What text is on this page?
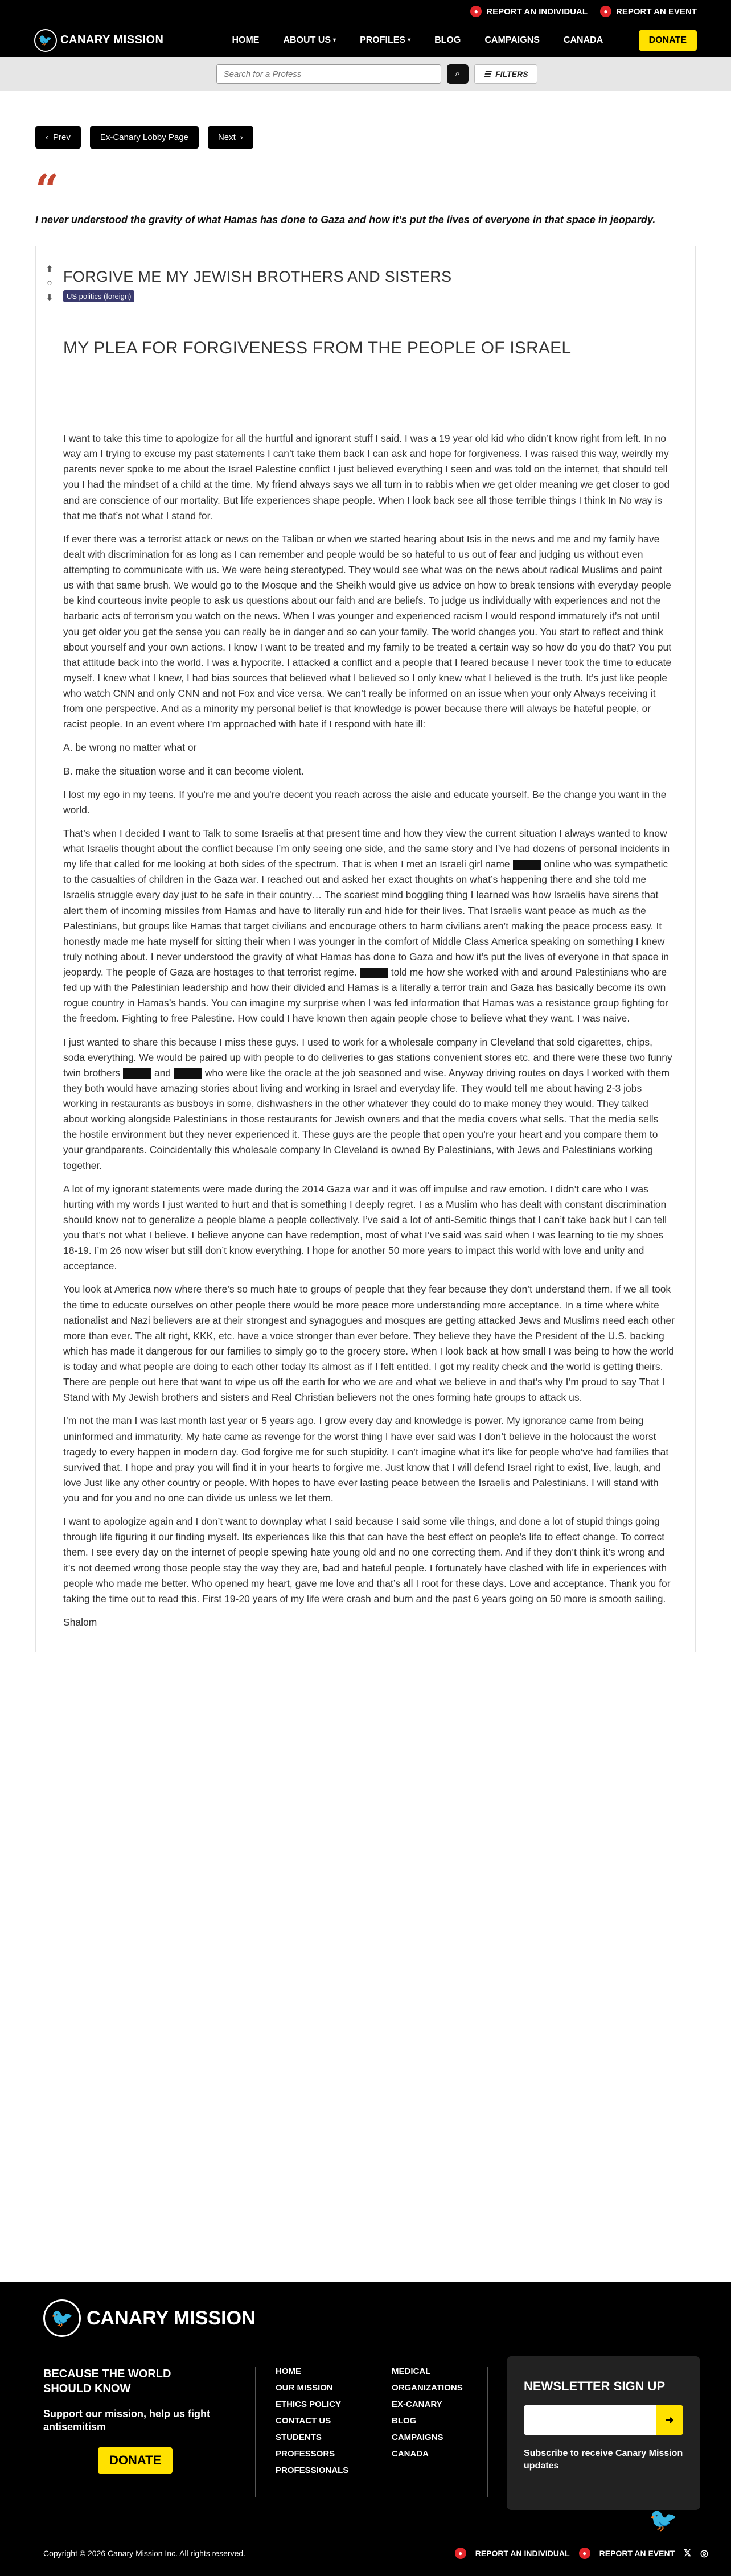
● REPORT AN INDIVIDUAL	● REPORT AN EVENT
🐦 CANARY MISSION	HOME	ABOUT US ▾	PROFILES ▾	BLOG	CAMPAIGNS	CANADA	DONATE
Search for a Profess
⌕	☰ FILTERS
‹ Prev	Ex-Canary Lobby Page	Next ›
“
I never understood the gravity of what Hamas has done to Gaza and how it’s put the lives of everyone in that space in jeopardy.
⬆
○
⬇
FORGIVE ME MY JEWISH BROTHERS AND SISTERS
US politics (foreign)
MY PLEA FOR FORGIVENESS FROM THE PEOPLE OF ISRAEL

I want to take this time to apologize for all the hurtful and ignorant stuff I said. I was a 19 year old kid who didn’t know right from left. In no way am I trying to excuse my past statements I can’t take them back I can ask and hope for forgiveness. I was raised this way, weirdly my parents never spoke to me about the Israel Palestine conflict I just believed everything I seen and was told on the internet, that should tell you I had the mindset of a child at the time. My friend always says we all turn in to rabbis when we get older meaning we get closer to god and are conscience of our mortality. But life experiences shape people. When I look back see all those terrible things I think In No way is that me that’s not what I stand for.

If ever there was a terrorist attack or news on the Taliban or when we started hearing about Isis in the news and me and my family have dealt with discrimination for as long as I can remember and people would be so hateful to us out of fear and judging us without even attempting to communicate with us. We were being stereotyped. They would see what was on the news about radical Muslims and paint us with that same brush. We would go to the Mosque and the Sheikh would give us advice on how to break tensions with everyday people be kind courteous invite people to ask us questions about our faith and are beliefs. To judge us individually with experiences and not the barbaric acts of terrorism you watch on the news. When I was younger and experienced racism I would respond immaturely it’s not until you get older you get the sense you can really be in danger and so can your family. The world changes you. You start to reflect and think about yourself and your own actions. I know I want to be treated and my family to be treated a certain way so how do you do that? You put that attitude back into the world. I was a hypocrite. I attacked a conflict and a people that I feared because I never took the time to educate myself. I knew what I knew, I had bias sources that believed what I believed so I only knew what I believed is the truth. It’s just like people who watch CNN and only CNN and not Fox and vice versa. We can’t really be informed on an issue when your only Always receiving it from one perspective. And as a minority my personal belief is that knowledge is power because there will always be hateful people, or racist people. In an event where I’m approached with hate if I respond with hate ill:

A. be wrong no matter what or

B. make the situation worse and it can become violent.

I lost my ego in my teens. If you’re me and you’re decent you reach across the aisle and educate yourself. Be the change you want in the world.

That’s when I decided I want to Talk to some Israelis at that present time and how they view the current situation I always wanted to know what Israelis thought about the conflict because I’m only seeing one side, and the same story and I’ve had dozens of personal incidents in my life that called for me looking at both sides of the spectrum. That is when I met an Israeli girl name	online who was sympathetic to the casualties of children in the Gaza war. I reached out and asked her exact thoughts on what’s happening there and she told me Israelis struggle every day just to be safe in their country… The scariest mind boggling thing I learned was how Israelis have sirens that alert them of incoming missiles from Hamas and have to literally run and hide for their lives. That Israelis want peace as much as the Palestinians, but groups like Hamas that target civilians and encourage others to harm civilians aren’t making the peace process easy. It honestly made me hate myself for sitting their when I was younger in the comfort of Middle Class America speaking on something I knew truly nothing about. I never understood the gravity of what Hamas has done to Gaza and how it’s put the lives of everyone in that space in jeopardy. The people of Gaza are hostages to that terrorist regime.	told me how she worked with and around Palestinians who are fed up with the Palestinian leadership and how their divided and Hamas is a literally a terror train and Gaza has basically become its own rogue country in Hamas’s hands. You can imagine my surprise when I was fed information that Hamas was a resistance group fighting for the freedom. Fighting to free Palestine. How could I have known then again people chose to believe what they want. I was naive.

I just wanted to share this because I miss these guys. I used to work for a wholesale company in Cleveland that sold cigarettes, chips, soda everything. We would be paired up with people to do deliveries to gas stations convenient stores etc. and there were these two funny twin brothers	and	who were like the oracle at the job seasoned and wise. Anyway driving routes on days I worked with them they both would have amazing stories about living and working in Israel and everyday life. They would tell me about having 2-3 jobs working in restaurants as busboys in some, dishwashers in the other whatever they could do to make money they would. They talked about working alongside Palestinians in those restaurants for Jewish owners and that the media covers what sells. That the media sells the hostile environment but they never experienced it. These guys are the people that open you’re your heart and you compare them to your grandparents. Coincidentally this wholesale company In Cleveland is owned By Palestinians, with Jews and Palestinians working together.

A lot of my ignorant statements were made during the 2014 Gaza war and it was off impulse and raw emotion. I didn’t care who I was hurting with my words I just wanted to hurt and that is something I deeply regret. I as a Muslim who has dealt with constant discrimination should know not to generalize a people blame a people collectively. I’ve said a lot of anti-Semitic things that I can’t take back but I can tell you that’s not what I believe. I believe anyone can have redemption, most of what I’ve said was said when I was learning to tie my shoes 18-19. I’m 26 now wiser but still don’t know everything. I hope for another 50 more years to impact this world with love and unity and acceptance.

You look at America now where there’s so much hate to groups of people that they fear because they don’t understand them. If we all took the time to educate ourselves on other people there would be more peace more understanding more acceptance. In a time where white nationalist and Nazi believers are at their strongest and synagogues and mosques are getting attacked Jews and Muslims need each other more than ever. The alt right, KKK, etc. have a voice stronger than ever before. They believe they have the President of the U.S. backing which has made it dangerous for our families to simply go to the grocery store. When I look back at how small I was being to how the world is today and what people are doing to each other today Its almost as if I felt entitled. I got my reality check and the world is getting theirs. There are people out here that want to wipe us off the earth for who we are and what we believe in and that’s why I’m proud to say That I Stand with My Jewish brothers and sisters and Real Christian believers not the ones forming hate groups to attack us.

I’m not the man I was last month last year or 5 years ago. I grow every day and knowledge is power. My ignorance came from being uninformed and immaturity. My hate came as revenge for the worst thing I have ever said was I don’t believe in the holocaust the worst tragedy to every happen in modern day. God forgive me for such stupidity. I can’t imagine what it’s like for people who’ve had families that survived that. I hope and pray you will find it in your hearts to forgive me. Just know that I will defend Israel right to exist, live, laugh, and love Just like any other country or people. With hopes to have ever lasting peace between the Israelis and Palestinians. I will stand with you and for you and no one can divide us unless we let them.

I want to apologize again and I don’t want to downplay what I said because I said some vile things, and done a lot of stupid things going through life figuring it our finding myself. Its experiences like this that can have the best effect on people’s life to effect change. To correct them. I see every day on the internet of people spewing hate young old and no one correcting them. And if they don’t think it’s wrong and it’s not deemed wrong those people stay the way they are, bad and hateful people. I fortunately have clashed with life in experiences with people who made me better. Who opened my heart, gave me love and that’s all I root for these days. Love and acceptance. Thank you for taking the time out to read this. First 19-20 years of my life were crash and burn and the past 6 years going on 50 more is smooth sailing.

Shalom

🐦 CANARY MISSION
BECAUSE THE WORLD SHOULD KNOW
Support our mission, help us fight antisemitism
DONATE
HOME
OUR MISSION
ETHICS POLICY
CONTACT US
STUDENTS
PROFESSORS
PROFESSIONALS
MEDICAL
ORGANIZATIONS
EX-CANARY
BLOG
CAMPAIGNS
CANADA
NEWSLETTER SIGN UP
➜
Subscribe to receive Canary Mission updates
🐦
Copyright © 2026 Canary Mission Inc. All rights reserved.	●	REPORT AN INDIVIDUAL	●	REPORT AN EVENT 𝕏 ◎
